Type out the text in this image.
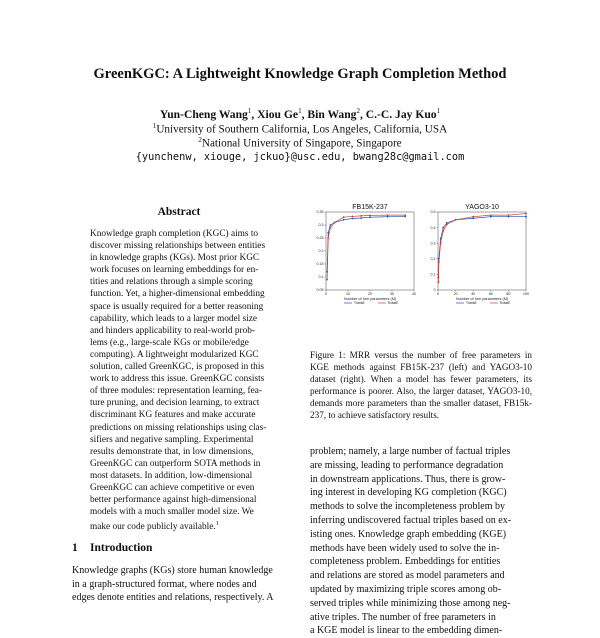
GreenKGC: A Lightweight Knowledge Graph Completion Method
Yun-Cheng Wang$^1$, Xiou Ge$^1$, Bin Wang$^2$, C.-C. Jay Kuo$^1$
$^1$University of Southern California, Los Angeles, California, USA
$^2$National University of Singapore, Singapore
{yunchenw, xiouge, jckuo}@usc.edu, bwang28c@gmail.com
Abstract
Knowledge graph completion (KGC) aims to
discover missing relationships between entities
in knowledge graphs (KGs). Most prior KGC
work focuses on learning embeddings for en-
tities and relations through a simple scoring
function. Yet, a higher-dimensional embedding
space is usually required for a better reasoning
capability, which leads to a larger model size
and hinders applicability to real-world prob-
lems (e.g., large-scale KGs or mobile/edge
computing). A lightweight modularized KGC
solution, called GreenKGC, is proposed in this
work to address this issue. GreenKGC consists
of three modules: representation learning, fea-
ture pruning, and decision learning, to extract
discriminant KG features and make accurate
predictions on missing relationships using clas-
sifiers and negative sampling. Experimental
results demonstrate that, in low dimensions,
GreenKGC can outperform SOTA methods in
most datasets. In addition, low-dimensional
GreenKGC can achieve competitive or even
better performance against high-dimensional
models with a much smaller model size. We
make our code publicly available.$^1$
1 Introduction
Knowledge graphs (KGs) store human knowledge
in a graph-structured format, where nodes and
edges denote entities and relations, respectively. A
FB15K-237
0.05
0.1
0.15
0.2
0.25
0.3
0.35
0	10	20	30	40
Number of free parameters (M)
TransE	RotatE
YAGO3-10
0
0.1
0.2
0.3
0.4
0.5
0	20	40	60	80	100
Number of free parameters (M)
TransE	RotatE
Figure 1: MRR versus the number of free parameters in KGE methods against FB15K-237 (left) and YAGO3-10 dataset (right). When a model has fewer parameters, its performance is poorer. Also, the larger dataset, YAGO3-10, demands more parameters than the smaller dataset, FB15k-237, to achieve satisfactory results.
problem; namely, a large number of factual triples
are missing, leading to performance degradation
in downstream applications. Thus, there is grow-
ing interest in developing KG completion (KGC)
methods to solve the incompleteness problem by
inferring undiscovered factual triples based on ex-
isting ones. Knowledge graph embedding (KGE)
methods have been widely used to solve the in-
completeness problem. Embeddings for entities
and relations are stored as model parameters and
updated by maximizing triple scores among ob-
served triples while minimizing those among neg-
ative triples. The number of free parameters in
a KGE model is linear to the embedding dimen-
